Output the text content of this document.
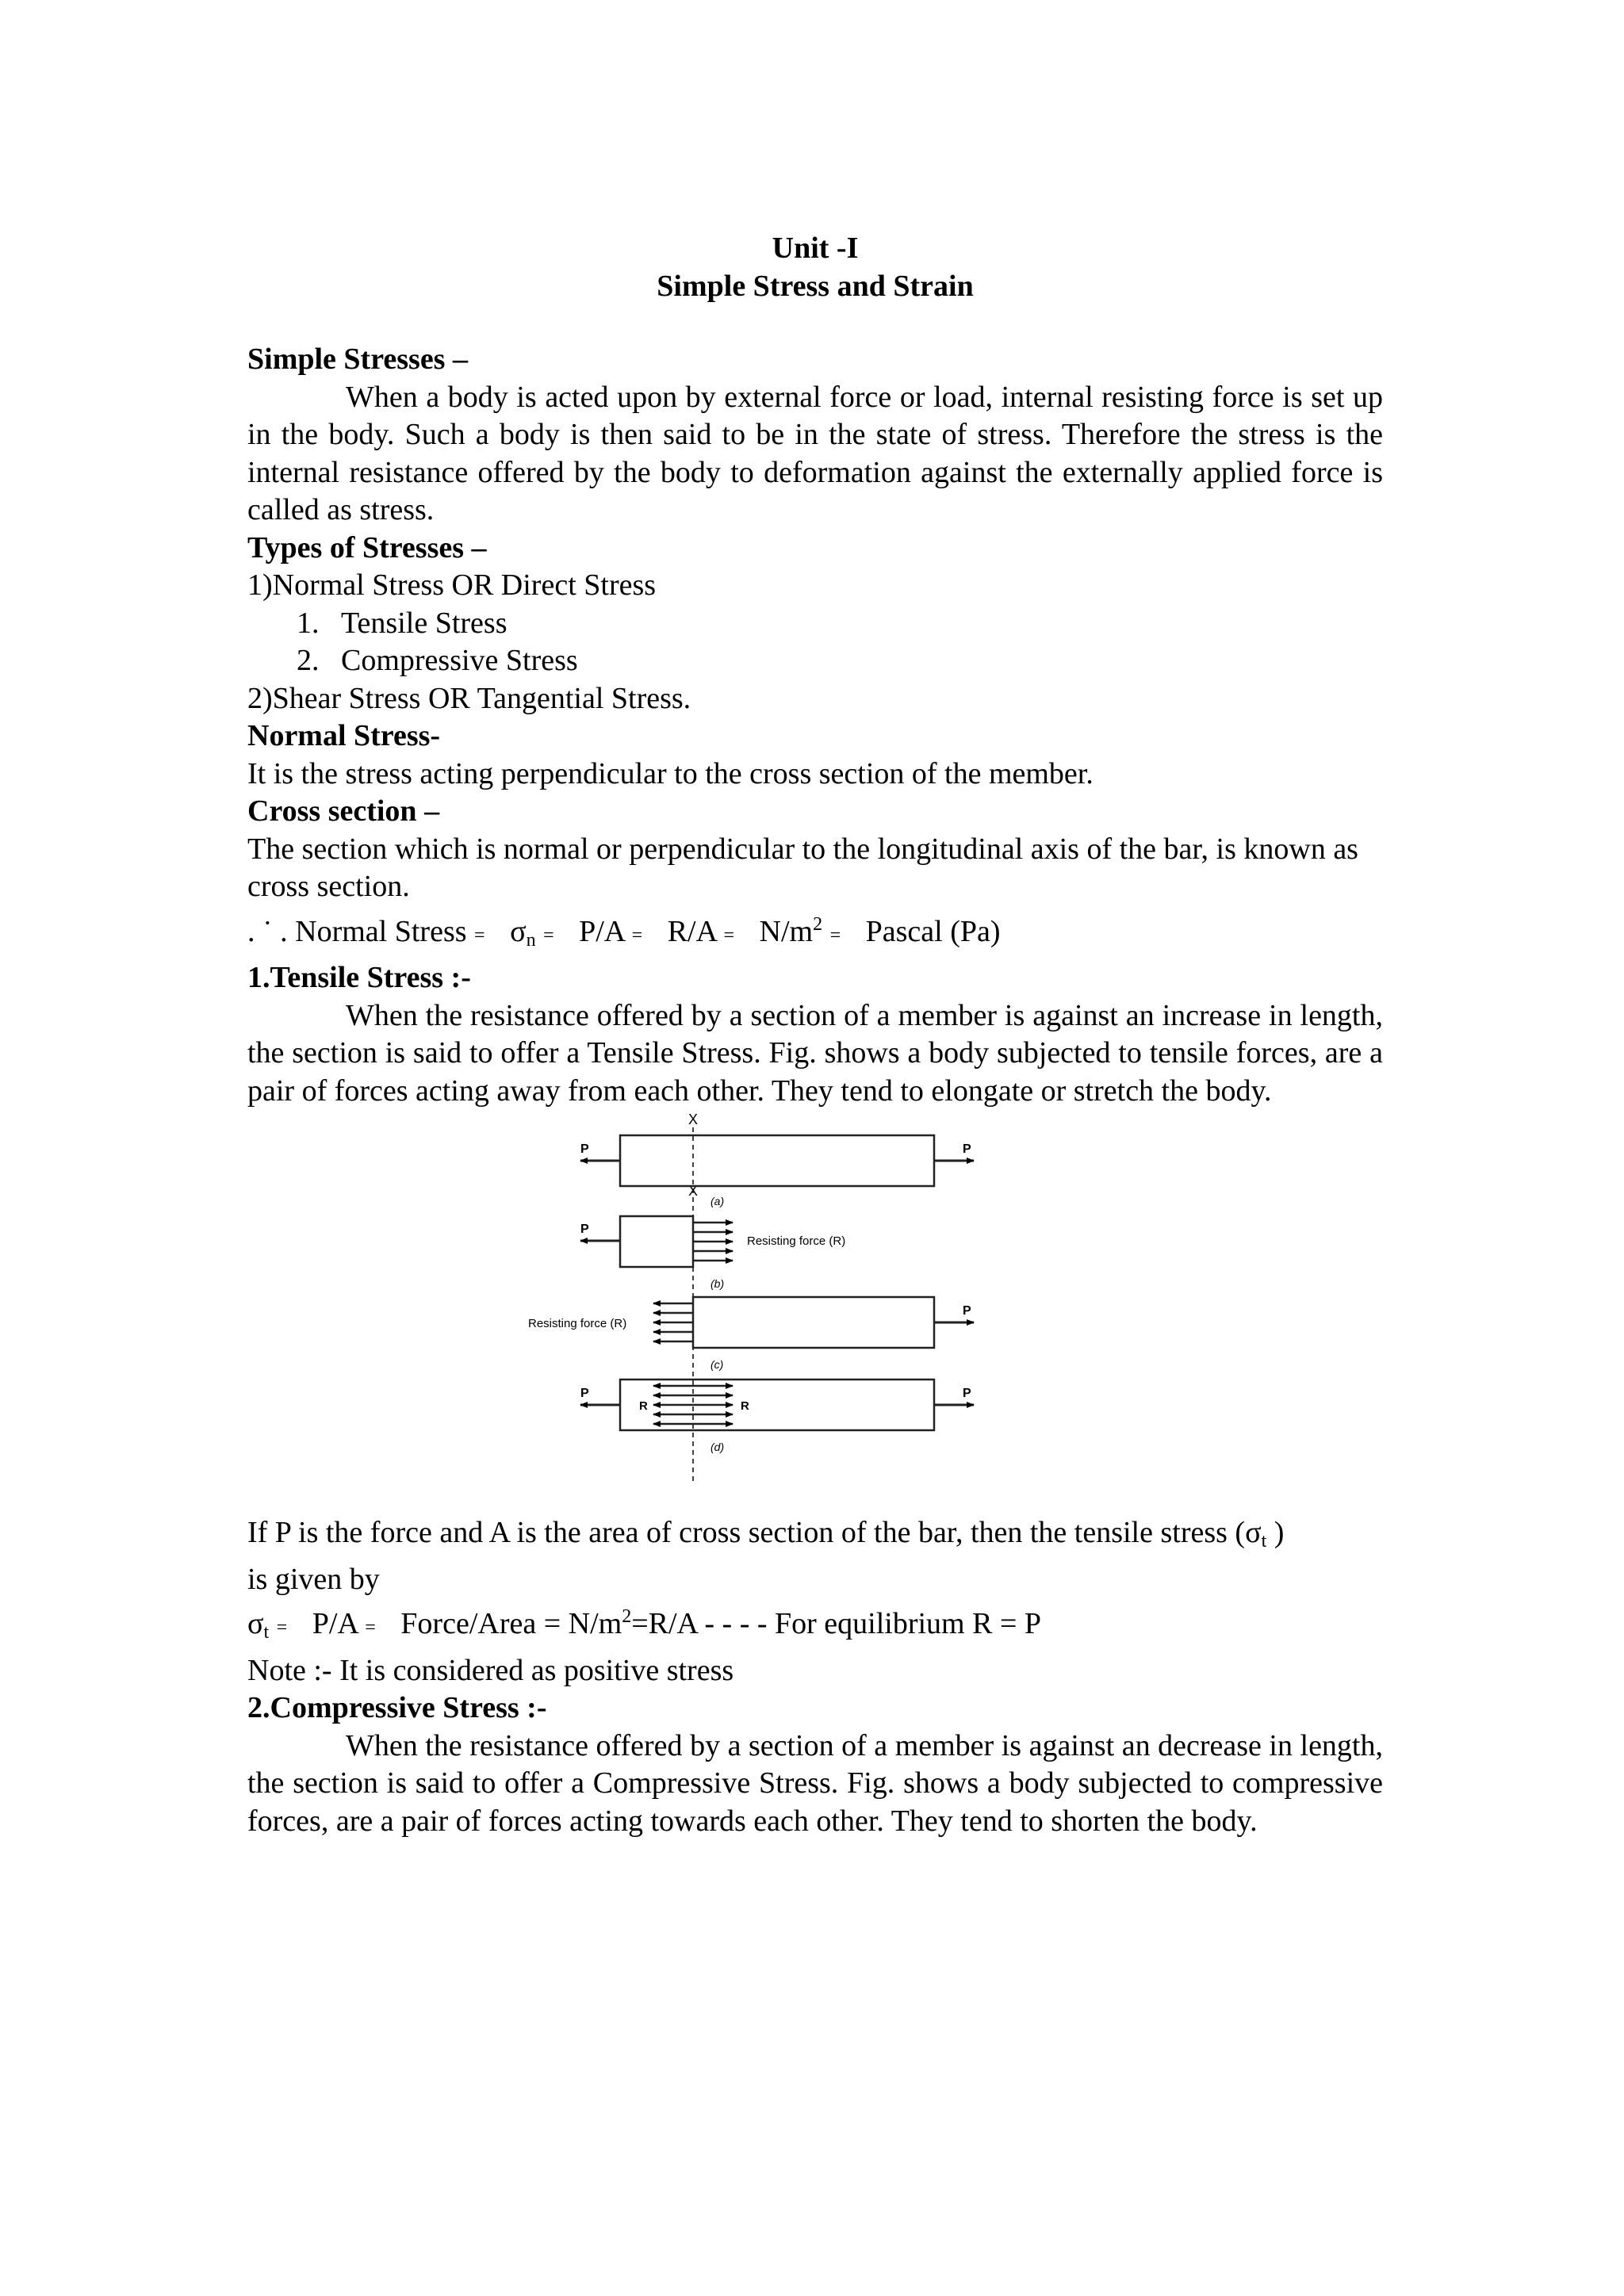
Unit -I
Simple Stress and Strain
Simple Stresses –
When a body is acted upon by external force or load, internal resisting force is set up in the body. Such a body is then said to be in the state of stress. Therefore the stress is the internal resistance offered by the body to deformation against the externally applied force is called as stress.
Types of Stresses –
1)Normal Stress OR Direct Stress
1. Tensile Stress
2. Compressive Stress
2)Shear Stress OR Tangential Stress.
Normal Stress-
It is the stress acting perpendicular to the cross section of the member.
Cross section –
The section which is normal or perpendicular to the longitudinal axis of the bar, is known as cross section.
. ˙ . Normal Stress = $\sigma_n = P/A = R/A = N/m^2$ = Pascal (Pa)
1.Tensile Stress :-
When the resistance offered by a section of a member is against an increase in length, the section is said to offer a Tensile Stress. Fig. shows a body subjected to tensile forces, are a pair of forces acting away from each other. They tend to elongate or stretch the body.
X
X
P	P
(a)
P
Resisting force (R)
(b)
P
Resisting force (R)
(c)
P	P
R	R
(d)
If P is the force and A is the area of cross section of the bar, then the tensile stress ($\sigma_t$ )
is given by
$\sigma_t = P/A$ = Force/Area = $N/m^2=R/A$ - - - - For equilibrium R = P
Note :- It is considered as positive stress
2.Compressive Stress :-
When the resistance offered by a section of a member is against an decrease in length, the section is said to offer a Compressive Stress. Fig. shows a body subjected to compressive forces, are a pair of forces acting towards each other. They tend to shorten the body.
